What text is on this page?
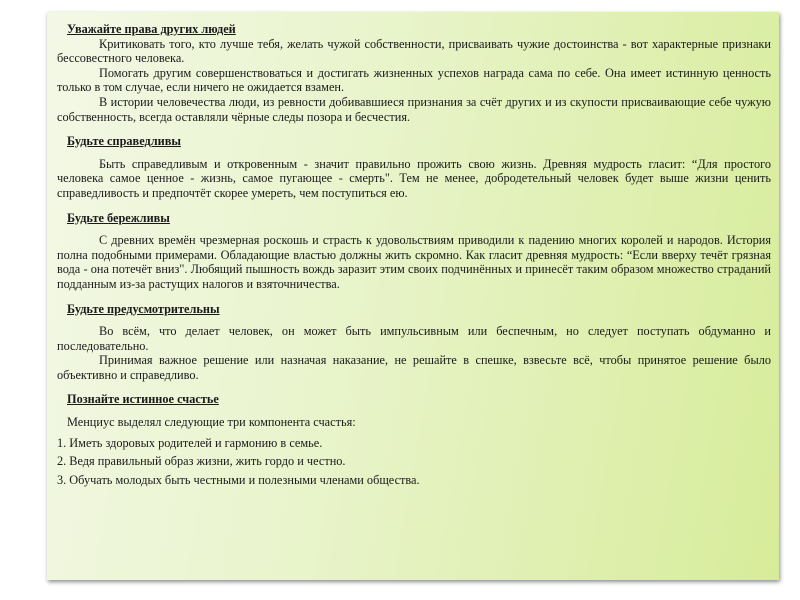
Уважайте права других людей

Критиковать того, кто лучше тебя, желать чужой собственности, присваивать чужие достоинства - вот характерные признаки бессовестного человека.

Помогать другим совершенствоваться и достигать жизненных успехов награда сама по себе. Она имеет истинную ценность только в том случае, если ничего не ожидается взамен.

В истории человечества люди, из ревности добивавшиеся признания за счёт других и из скупости присваивающие себе чужую собственность, всегда оставляли чёрные следы позора и бесчестия.

Будьте справедливы

Быть справедливым и откровенным - значит правильно прожить свою жизнь. Древняя мудрость гласит: “Для простого человека самое ценное - жизнь, самое пугающее - смерть". Тем не менее, добродетельный человек будет выше жизни ценить справедливость и предпочтёт скорее умереть, чем поступиться ею.

Будьте бережливы

С древних времён чрезмерная роскошь и страсть к удовольствиям приводили к падению многих королей и народов. История полна подобными примерами. Обладающие властью должны жить скромно. Как гласит древняя мудрость: “Если вверху течёт грязная вода - она потечёт вниз". Любящий пышность вождь заразит этим своих подчинённых и принесёт таким образом множество страданий подданным из-за растущих налогов и взяточничества.

Будьте предусмотрительны

Во всём, что делает человек, он может быть импульсивным или беспечным, но следует поступать обдуманно и последовательно.

Принимая важное решение или назначая наказание, не решайте в спешке, взвесьте всё, чтобы принятое решение было объективно и справедливо.

Познайте истинное счастье

Менциус выделял следующие три компонента счастья:

1. Иметь здоровых родителей и гармонию в семье.

2. Ведя правильный образ жизни, жить гордо и честно.

3. Обучать молодых быть честными и полезными членами общества.
